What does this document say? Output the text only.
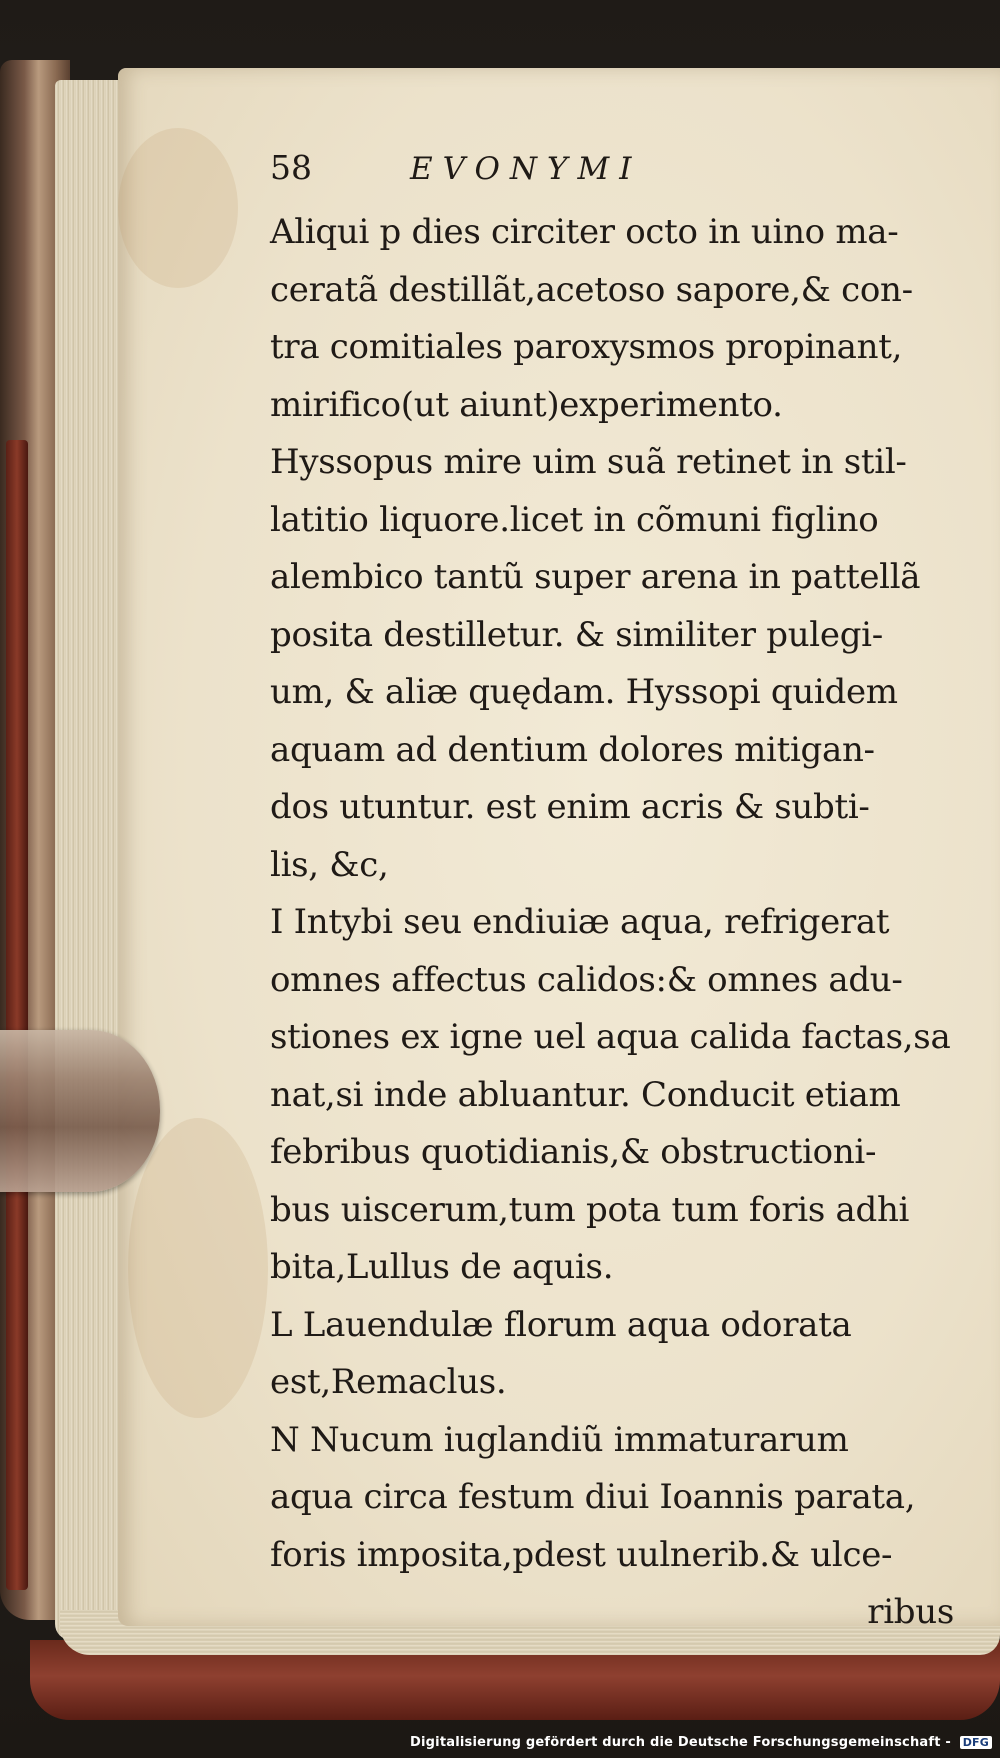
58	EVONYMI
Aliqui p dies circiter octo in uino ma-
ceratã destillãt,acetoso sapore,& con-
tra comitiales paroxysmos propinant,
mirifico(ut aiunt)experimento.
Hyssopus mire uim suã retinet in stil-
latitio liquore.licet in cõmuni figlino
alembico tantũ super arena in pattellã
posita destilletur. & similiter pulegi-
um, & aliæ quędam. Hyssopi quidem
aquam ad dentium dolores mitigan-
dos utuntur. est enim acris & subti-
lis, &c,
I Intybi seu endiuiæ aqua, refrigerat
omnes affectus calidos:& omnes adu-
stiones ex igne uel aqua calida factas,sa
nat,si inde abluantur. Conducit etiam
febribus quotidianis,& obstructioni-
bus uiscerum,tum pota tum foris adhi
bita,Lullus de aquis.
L Lauendulæ florum aqua odorata
est,Remaclus.
N Nucum iuglandiũ immaturarum
aqua circa festum diui Ioannis parata,
foris imposita,pdest uulnerib.& ulce-
ribus
Digitalisierung gefördert durch die Deutsche Forschungsgemeinschaft - DFG
